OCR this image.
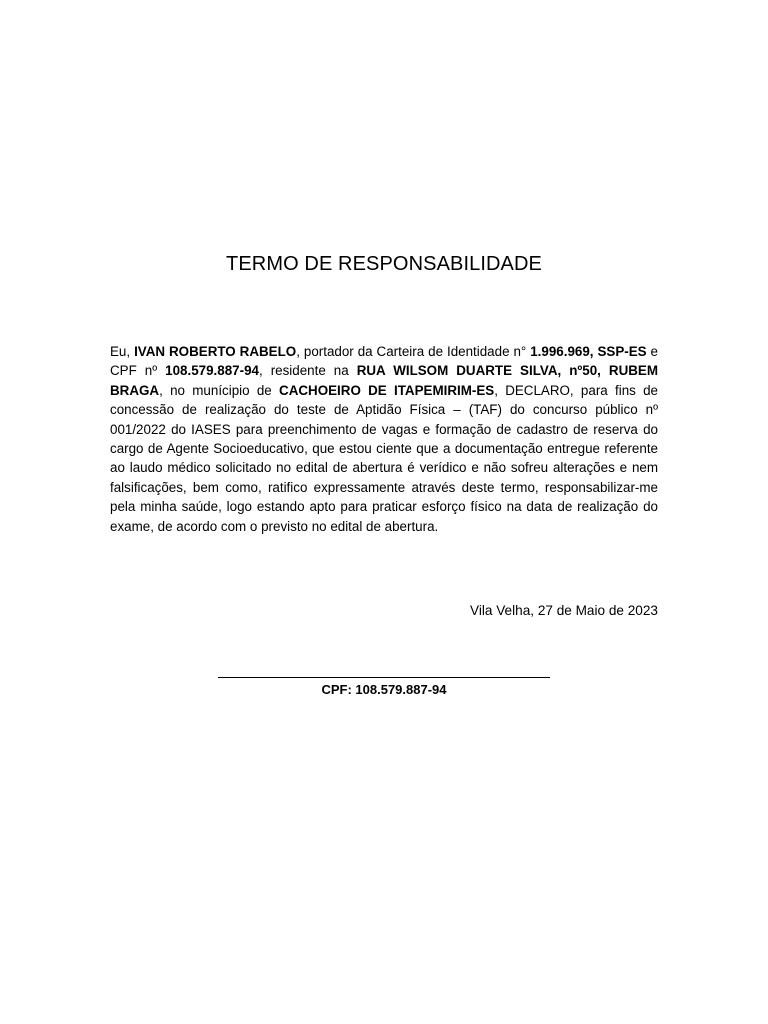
TERMO DE RESPONSABILIDADE

Eu, IVAN ROBERTO RABELO, portador da Carteira de Identidade n° 1.996.969, SSP-ES e CPF nº 108.579.887-94, residente na RUA WILSOM DUARTE SILVA, nº50, RUBEM BRAGA, no munícipio de CACHOEIRO DE ITAPEMIRIM-ES, DECLARO, para fins de concessão de realização do teste de Aptidão Física – (TAF) do concurso público nº 001/2022 do IASES para preenchimento de vagas e formação de cadastro de reserva do cargo de Agente Socioeducativo, que estou ciente que a documentação entregue referente ao laudo médico solicitado no edital de abertura é verídico e não sofreu alterações e nem falsificações, bem como, ratifico expressamente através deste termo, responsabilizar-me pela minha saúde, logo estando apto para praticar esforço físico na data de realização do exame, de acordo com o previsto no edital de abertura.

Vila Velha, 27 de Maio de 2023
CPF: 108.579.887-94
